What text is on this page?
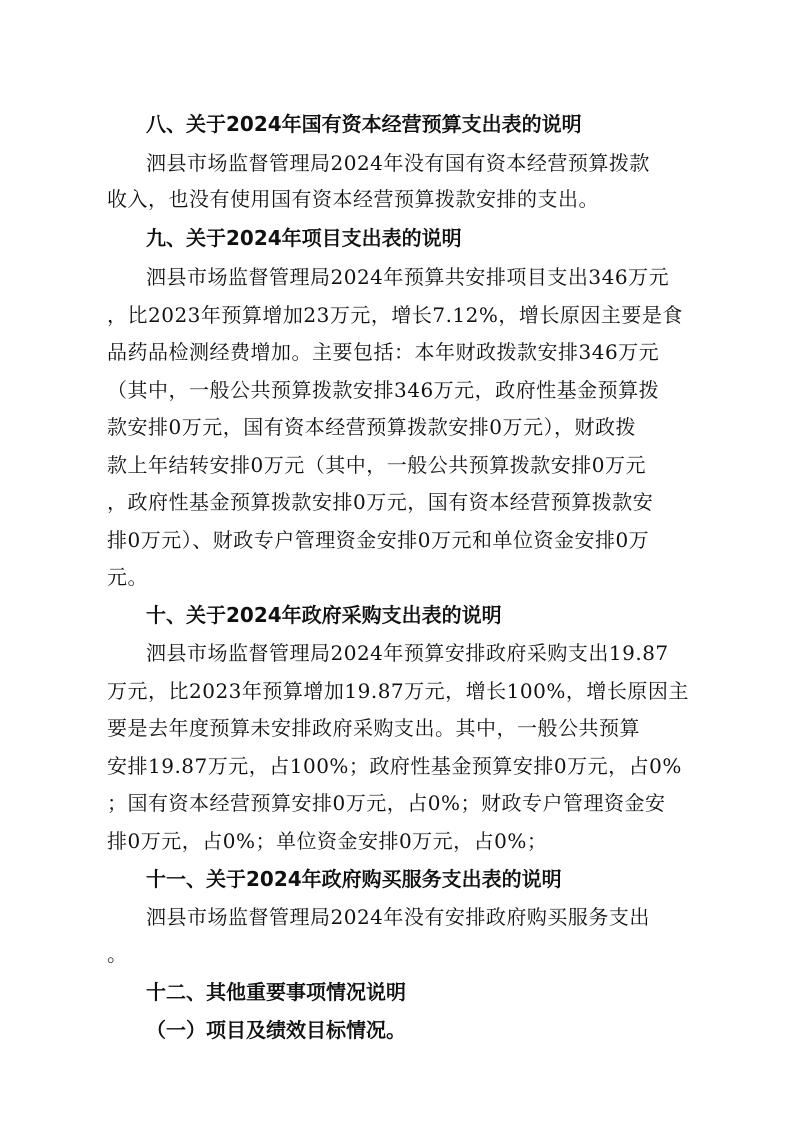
八、关于2024年国有资本经营预算支出表的说明
泗县市场监督管理局2024年没有国有资本经营预算拨款
收入，也没有使用国有资本经营预算拨款安排的支出。
九、关于2024年项目支出表的说明
泗县市场监督管理局2024年预算共安排项目支出346万元
，比2023年预算增加23万元，增长7.12%，增长原因主要是食
品药品检测经费增加。主要包括：本年财政拨款安排346万元
（其中，一般公共预算拨款安排346万元，政府性基金预算拨
款安排0万元，国有资本经营预算拨款安排0万元），财政拨
款上年结转安排0万元（其中，一般公共预算拨款安排0万元
，政府性基金预算拨款安排0万元，国有资本经营预算拨款安
排0万元）、财政专户管理资金安排0万元和单位资金安排0万
元。
十、关于2024年政府采购支出表的说明
泗县市场监督管理局2024年预算安排政府采购支出19.87
万元，比2023年预算增加19.87万元，增长100%，增长原因主
要是去年度预算未安排政府采购支出。其中，一般公共预算
安排19.87万元，占100%；政府性基金预算安排0万元，占0%
；国有资本经营预算安排0万元，占0%；财政专户管理资金安
排0万元，占0%；单位资金安排0万元，占0%；
十一、关于2024年政府购买服务支出表的说明
泗县市场监督管理局2024年没有安排政府购买服务支出
。
十二、其他重要事项情况说明
（一）项目及绩效目标情况。
